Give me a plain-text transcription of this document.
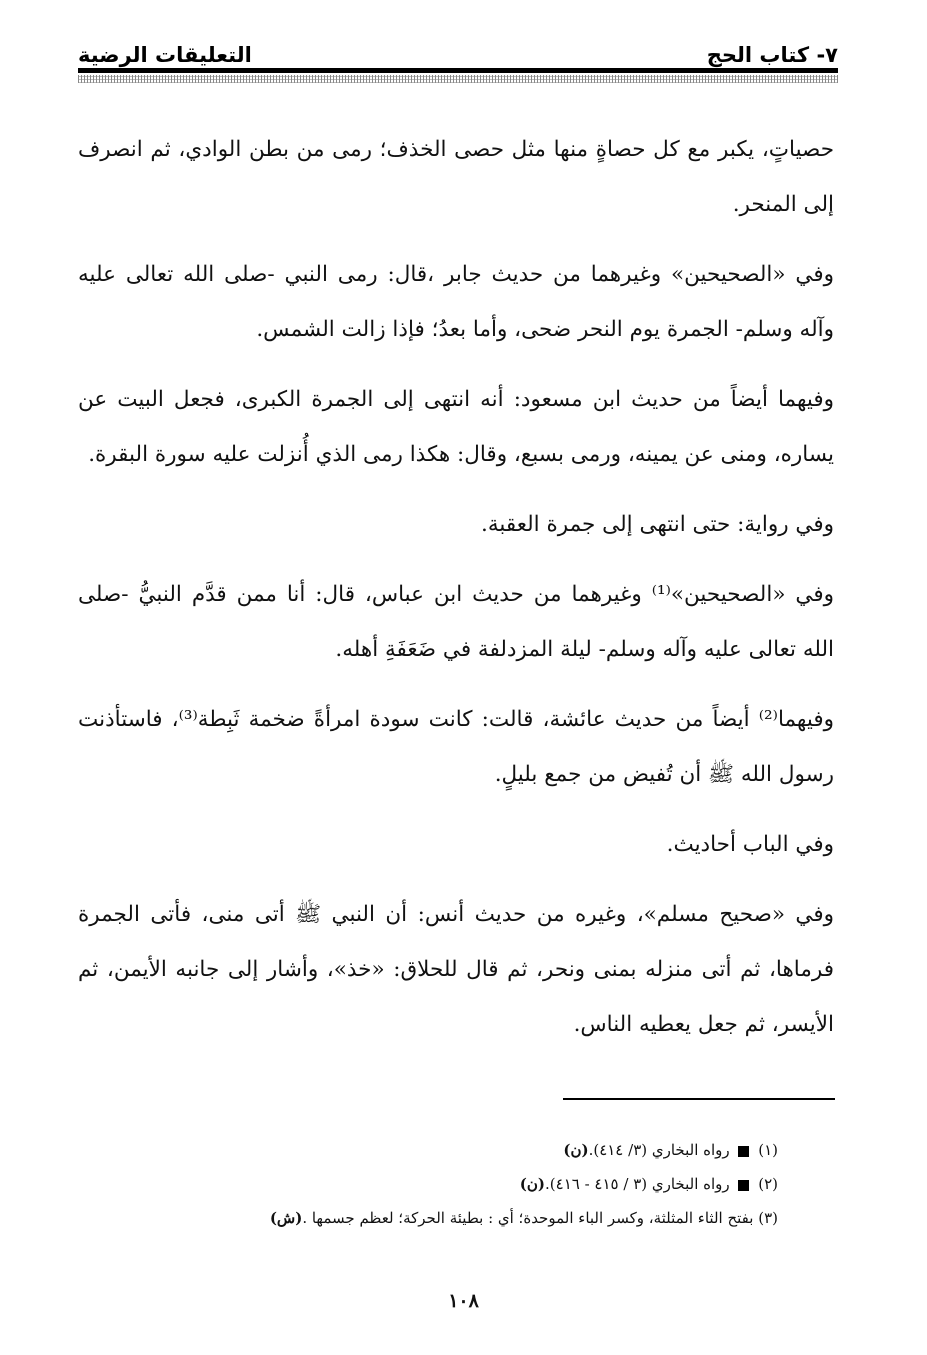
٧- كتاب الحج
التعليقات الرضية

حصياتٍ، يكبر مع كل حصاةٍ منها مثل حصى الخذف؛ رمى من بطن الوادي، ثم انصرف إلى المنحر.

وفي «الصحيحين» وغيرهما من حديث جابر ،قال: رمى النبي -صلى الله تعالى عليه وآله وسلم- الجمرة يوم النحر ضحى، وأما بعدُ؛ فإذا زالت الشمس.

وفيهما أيضاً من حديث ابن مسعود: أنه انتهى إلى الجمرة الكبرى، فجعل البيت عن يساره، ومنى عن يمينه، ورمى بسبع، وقال: هكذا رمى الذي أُنزلت عليه سورة البقرة.

وفي رواية: حتى انتهى إلى جمرة العقبة.

وفي «الصحيحين»⁽¹⁾ وغيرهما من حديث ابن عباس، قال: أنا ممن قدَّم النبيُّ -صلى الله تعالى عليه وآله وسلم- ليلة المزدلفة في ضَعَفَةِ أهله.

وفيهما⁽²⁾ أيضاً من حديث عائشة، قالت: كانت سودة امرأةً ضخمة ثَبِطة⁽³⁾، فاستأذنت رسول الله ﷺ أن تُفيض من جمع بليلٍ.

وفي الباب أحاديث.

وفي «صحيح مسلم»، وغيره من حديث أنس: أن النبي ﷺ أتى منى، فأتى الجمرة فرماها، ثم أتى منزله بمنى ونحر، ثم قال للحلاق: «خذ»، وأشار إلى جانبه الأيمن، ثم الأيسر، ثم جعل يعطيه الناس.

(١)  رواه البخاري (٣/ ٤١٤).(ن)
(٢)  رواه البخاري (٣ / ٤١٥ - ٤١٦).(ن)
(٣) بفتح الثاء المثلثة، وكسر الباء الموحدة؛ أي : بطيئة الحركة؛ لعظم جسمها .(ش)
١٠٨
